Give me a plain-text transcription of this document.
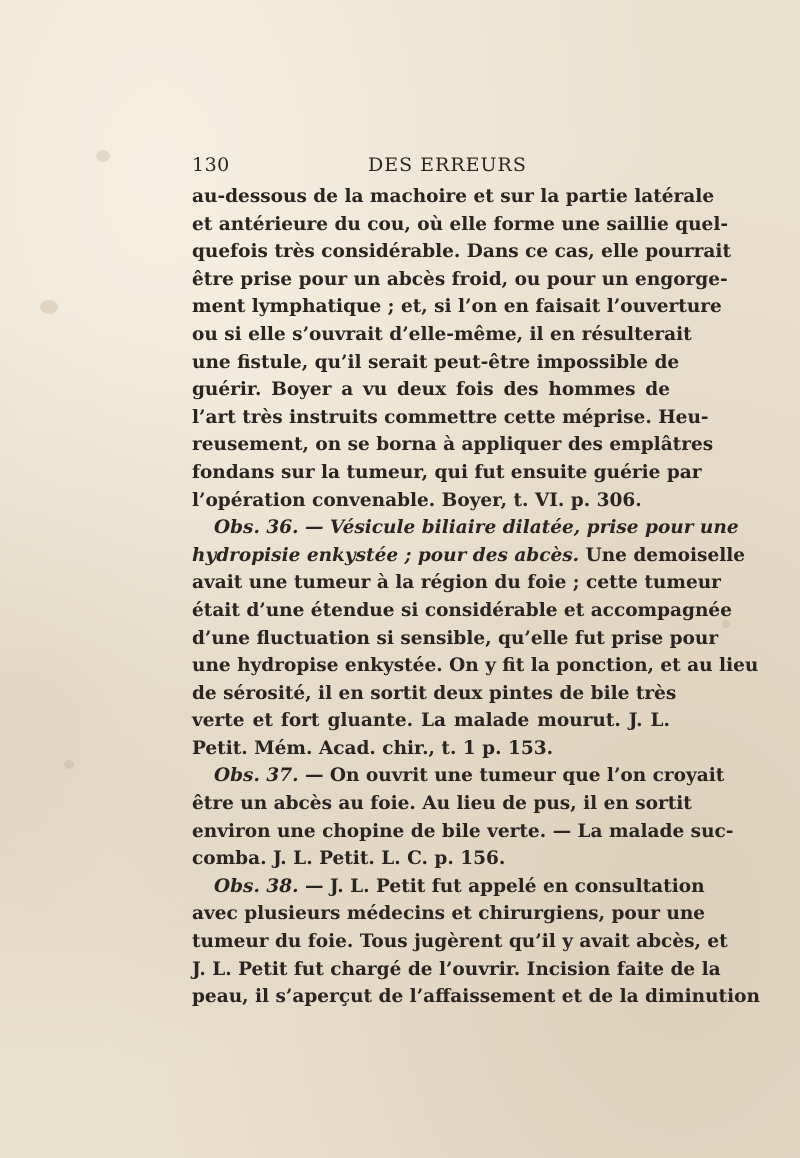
130	DES ERREURS
au-dessous de la machoire et sur la partie latérale
et antérieure du cou, où elle forme une saillie quel-
quefois très considérable. Dans ce cas, elle pourrait
être prise pour un abcès froid, ou pour un engorge-
ment lymphatique ; et, si l’on en faisait l’ouverture
ou si elle s’ouvrait d’elle-même, il en résulterait
une fistule, qu’il serait peut-être impossible de
guérir. Boyer a vu deux fois des hommes de
l’art très instruits commettre cette méprise. Heu-
reusement, on se borna à appliquer des emplâtres
fondans sur la tumeur, qui fut ensuite guérie par
l’opération convenable. Boyer, t. VI. p. 306.
Obs. 36. — Vésicule biliaire dilatée, prise pour une
hydropisie enkystée ; pour des abcès. Une demoiselle
avait une tumeur à la région du foie ; cette tumeur
était d’une étendue si considérable et accompagnée
d’une fluctuation si sensible, qu’elle fut prise pour
une hydropise enkystée. On y fit la ponction, et au lieu
de sérosité, il en sortit deux pintes de bile très
verte et fort gluante. La malade mourut. J. L.
Petit. Mém. Acad. chir., t. 1 p. 153.
Obs. 37. — On ouvrit une tumeur que l’on croyait
être un abcès au foie. Au lieu de pus, il en sortit
environ une chopine de bile verte. — La malade suc-
comba. J. L. Petit. L. C. p. 156.
Obs. 38. — J. L. Petit fut appelé en consultation
avec plusieurs médecins et chirurgiens, pour une
tumeur du foie. Tous jugèrent qu’il y avait abcès, et
J. L. Petit fut chargé de l’ouvrir. Incision faite de la
peau, il s’aperçut de l’affaissement et de la diminution
